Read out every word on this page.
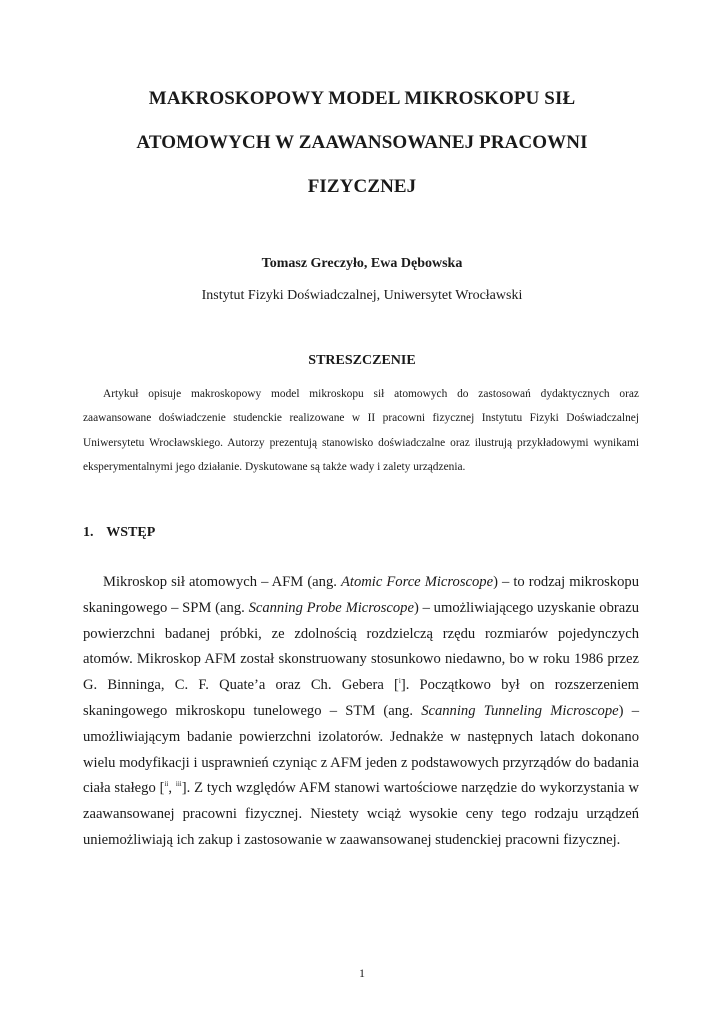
MAKROSKOPOWY MODEL MIKROSKOPU SIŁ
ATOMOWYCH W ZAAWANSOWANEJ PRACOWNI
FIZYCZNEJ
Tomasz Greczyło, Ewa Dębowska
Instytut Fizyki Doświadczalnej, Uniwersytet Wrocławski
STRESZCZENIE

Artykuł opisuje makroskopowy model mikroskopu sił atomowych do zastosowań dydaktycznych oraz zaawansowane doświadczenie studenckie realizowane w II pracowni fizycznej Instytutu Fizyki Doświadczalnej Uniwersytetu Wrocławskiego. Autorzy prezentują stanowisko doświadczalne oraz ilustrują przykładowymi wynikami eksperymentalnymi jego działanie. Dyskutowane są także wady i zalety urządzenia.

1. WSTĘP

Mikroskop sił atomowych – AFM (ang. Atomic Force Microscope) – to rodzaj mikroskopu skaningowego – SPM (ang. Scanning Probe Microscope) – umożliwiającego uzyskanie obrazu powierzchni badanej próbki, ze zdolnością rozdzielczą rzędu rozmiarów pojedynczych atomów. Mikroskop AFM został skonstruowany stosunkowo niedawno, bo w roku 1986 przez G. Binninga, C. F. Quate’a oraz Ch. Gebera [$^i$]. Początkowo był on rozszerzeniem skaningowego mikroskopu tunelowego – STM (ang. Scanning Tunneling Microscope) – umożliwiającym badanie powierzchni izolatorów. Jednakże w następnych latach dokonano wielu modyfikacji i usprawnień czyniąc z AFM jeden z podstawowych przyrządów do badania ciała stałego [$^{ii}$, $^{iii}$]. Z tych względów AFM stanowi wartościowe narzędzie do wykorzystania w zaawansowanej pracowni fizycznej. Niestety wciąż wysokie ceny tego rodzaju urządzeń uniemożliwiają ich zakup i zastosowanie w zaawansowanej studenckiej pracowni fizycznej.

1
